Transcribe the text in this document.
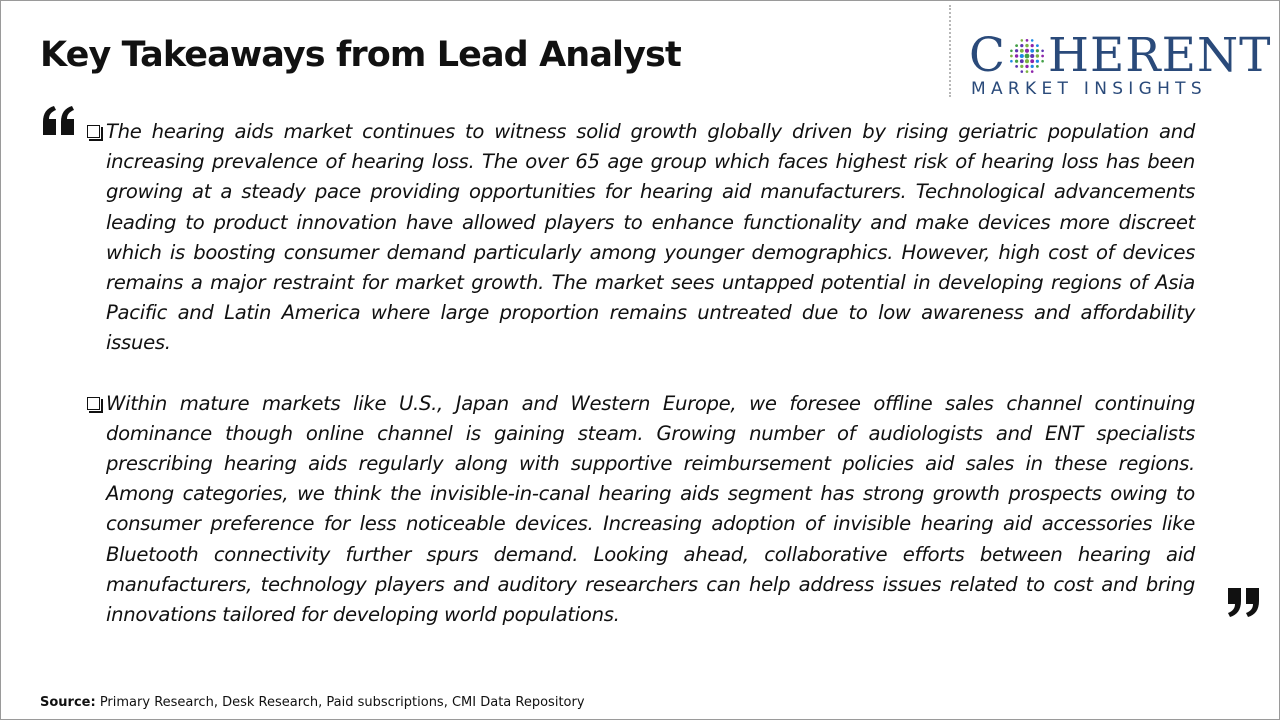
Key Takeaways from Lead Analyst	C HERENT
MARKET INSIGHTS
The hearing aids market continues to witness solid growth globally driven by rising geriatric population and increasing prevalence of hearing loss. The over 65 age group which faces highest risk of hearing loss has been growing at a steady pace providing opportunities for hearing aid manufacturers. Technological advancements leading to product innovation have allowed players to enhance functionality and make devices more discreet which is boosting consumer demand particularly among younger demographics. However, high cost of devices remains a major restraint for market growth. The market sees untapped potential in developing regions of Asia Pacific and Latin America where large proportion remains untreated due to low awareness and affordability issues.
Within mature markets like U.S., Japan and Western Europe, we foresee offline sales channel continuing dominance though online channel is gaining steam. Growing number of audiologists and ENT specialists prescribing hearing aids regularly along with supportive reimbursement policies aid sales in these regions. Among categories, we think the invisible-in-canal hearing aids segment has strong growth prospects owing to consumer preference for less noticeable devices. Increasing adoption of invisible hearing aid accessories like Bluetooth connectivity further spurs demand. Looking ahead, collaborative efforts between hearing aid manufacturers, technology players and auditory researchers can help address issues related to cost and bring innovations tailored for developing world populations.
Source: Primary Research, Desk Research, Paid subscriptions, CMI Data Repository
